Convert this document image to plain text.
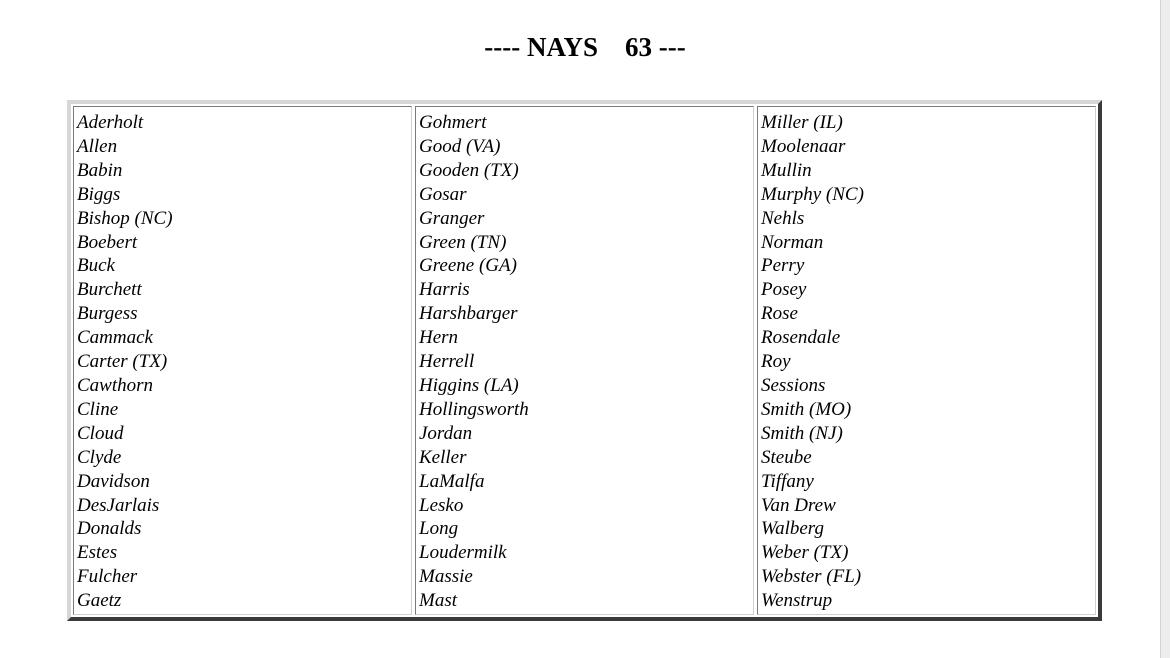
---- NAYS 63 ---
Aderholt
Allen
Babin
Biggs
Bishop (NC)
Boebert
Buck
Burchett
Burgess
Cammack
Carter (TX)
Cawthorn
Cline
Cloud
Clyde
Davidson
DesJarlais
Donalds
Estes
Fulcher
Gaetz
Gohmert
Good (VA)
Gooden (TX)
Gosar
Granger
Green (TN)
Greene (GA)
Harris
Harshbarger
Hern
Herrell
Higgins (LA)
Hollingsworth
Jordan
Keller
LaMalfa
Lesko
Long
Loudermilk
Massie
Mast
Miller (IL)
Moolenaar
Mullin
Murphy (NC)
Nehls
Norman
Perry
Posey
Rose
Rosendale
Roy
Sessions
Smith (MO)
Smith (NJ)
Steube
Tiffany
Van Drew
Walberg
Weber (TX)
Webster (FL)
Wenstrup
